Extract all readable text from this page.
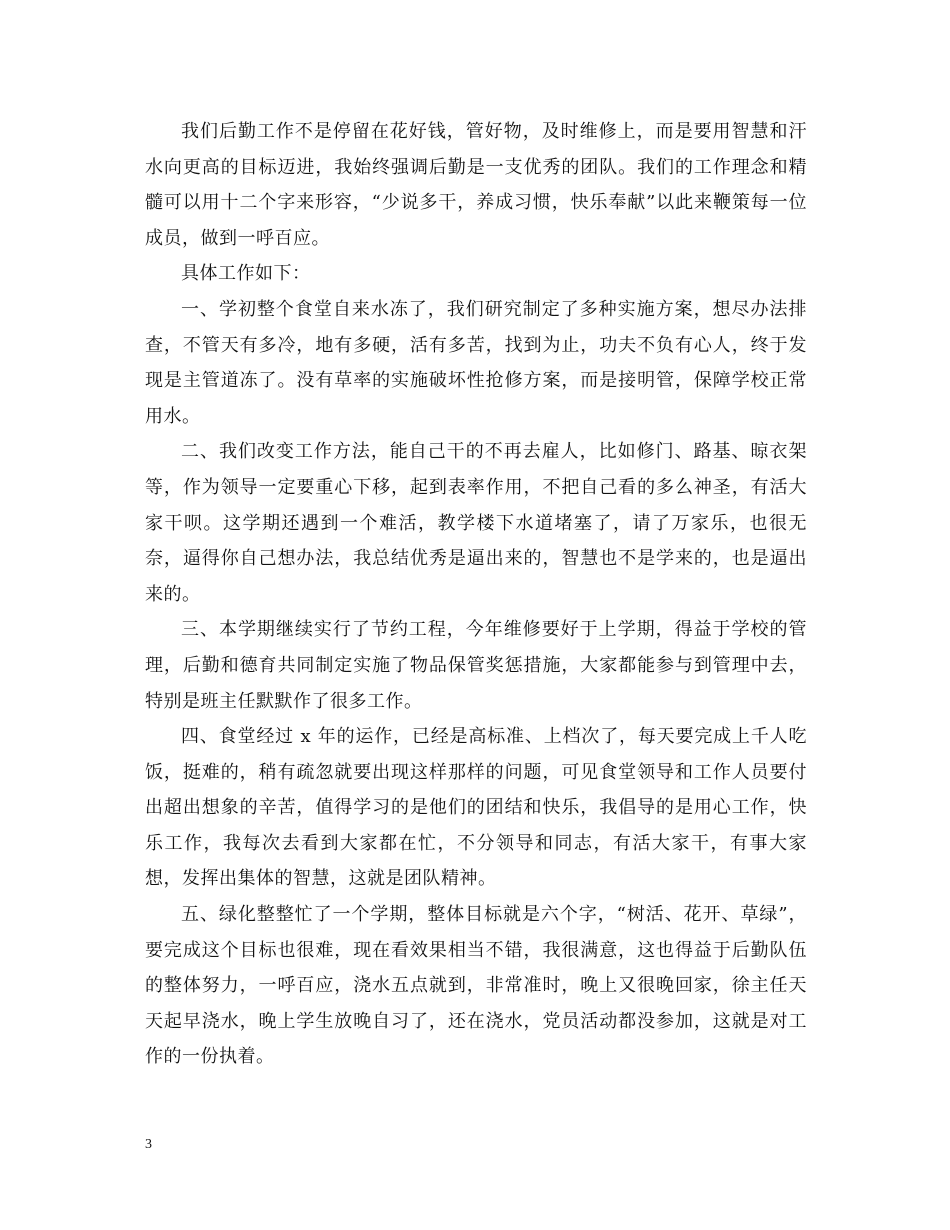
我们后勤工作不是停留在花好钱，管好物，及时维修上，而是要用智慧和汗水向更高的目标迈进，我始终强调后勤是一支优秀的团队。我们的工作理念和精髓可以用十二个字来形容，“少说多干，养成习惯，快乐奉献”以此来鞭策每一位成员，做到一呼百应。

具体工作如下：

一、学初整个食堂自来水冻了，我们研究制定了多种实施方案，想尽办法排查，不管天有多冷，地有多硬，活有多苦，找到为止，功夫不负有心人，终于发现是主管道冻了。没有草率的实施破坏性抢修方案，而是接明管，保障学校正常用水。

二、我们改变工作方法，能自己干的不再去雇人，比如修门、路基、晾衣架等，作为领导一定要重心下移，起到表率作用，不把自己看的多么神圣，有活大家干呗。这学期还遇到一个难活，教学楼下水道堵塞了，请了万家乐，也很无奈，逼得你自己想办法，我总结优秀是逼出来的，智慧也不是学来的，也是逼出来的。

三、本学期继续实行了节约工程，今年维修要好于上学期，得益于学校的管理，后勤和德育共同制定实施了物品保管奖惩措施，大家都能参与到管理中去，特别是班主任默默作了很多工作。

四、食堂经过 x 年的运作，已经是高标准、上档次了，每天要完成上千人吃饭，挺难的，稍有疏忽就要出现这样那样的问题，可见食堂领导和工作人员要付出超出想象的辛苦，值得学习的是他们的团结和快乐，我倡导的是用心工作，快乐工作，我每次去看到大家都在忙，不分领导和同志，有活大家干，有事大家想，发挥出集体的智慧，这就是团队精神。

五、绿化整整忙了一个学期，整体目标就是六个字，“树活、花开、草绿”，要完成这个目标也很难，现在看效果相当不错，我很满意，这也得益于后勤队伍的整体努力，一呼百应，浇水五点就到，非常准时，晚上又很晚回家，徐主任天天起早浇水，晚上学生放晚自习了，还在浇水，党员活动都没参加，这就是对工作的一份执着。

3
